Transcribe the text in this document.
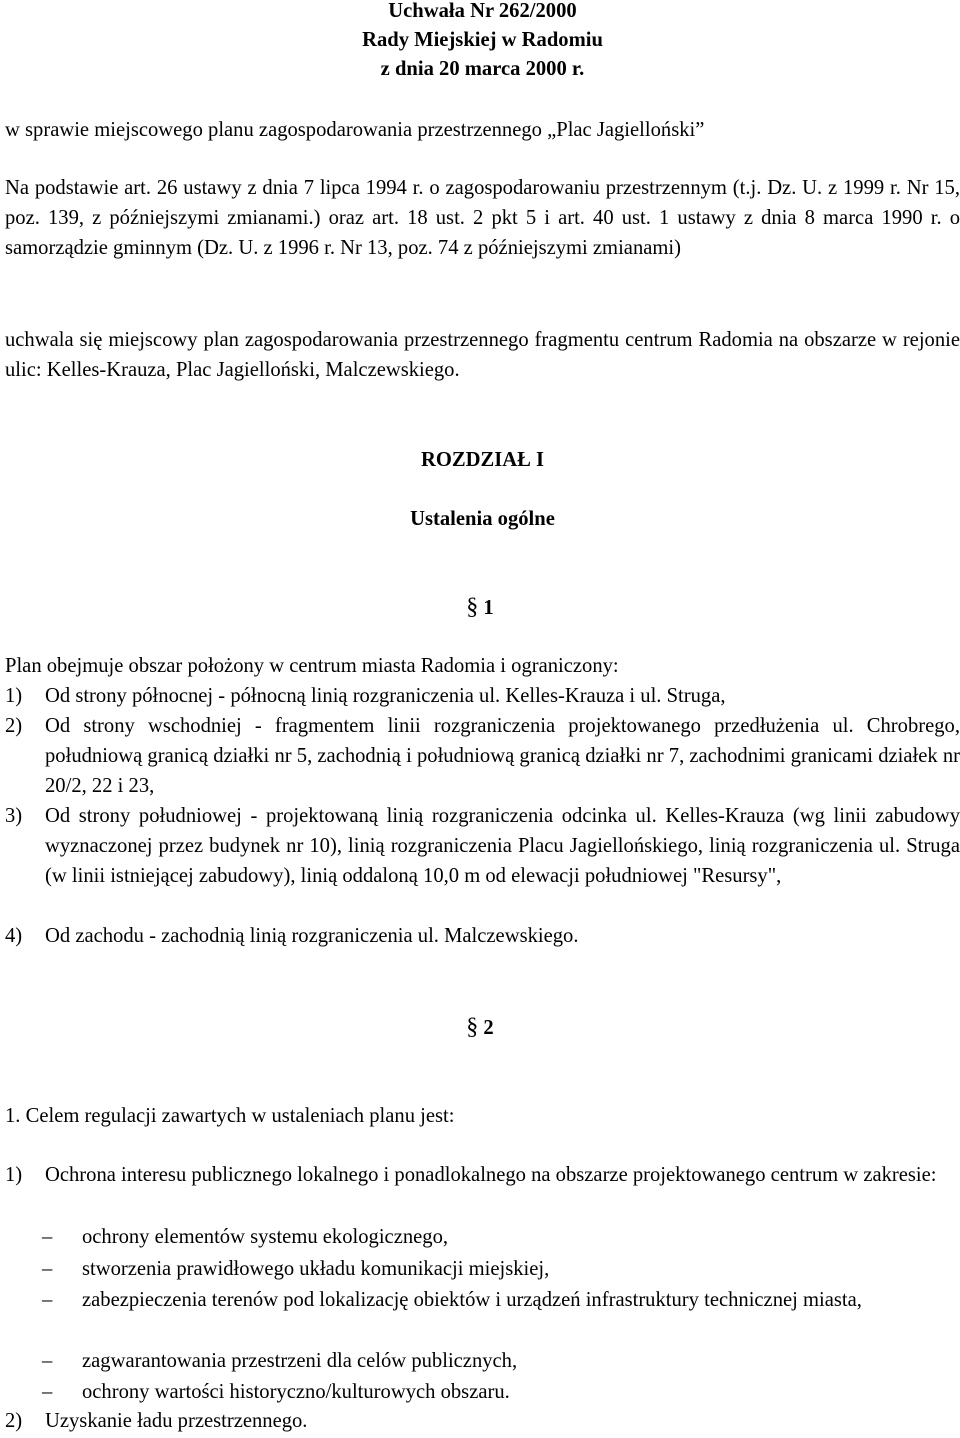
Uchwała Nr 262/2000

Rady Miejskiej w Radomiu

z dnia 20 marca 2000 r.

w sprawie miejscowego planu zagospodarowania przestrzennego „Plac Jagielloński”

Na podstawie art. 26 ustawy z dnia 7 lipca 1994 r. o zagospodarowaniu przestrzennym (t.j. Dz. U. z 1999 r. Nr 15, poz. 139, z późniejszymi zmianami.) oraz art. 18 ust. 2 pkt 5 i art. 40 ust. 1 ustawy z dnia 8 marca 1990 r. o samorządzie gminnym (Dz. U. z 1996 r. Nr 13, poz. 74 z późniejszymi zmianami)

uchwala się miejscowy plan zagospodarowania przestrzennego fragmentu centrum Radomia na obszarze w rejonie ulic: Kelles-Krauza, Plac Jagielloński, Malczewskiego.

ROZDZIAŁ I

Ustalenia ogólne

§ 1

Plan obejmuje obszar położony w centrum miasta Radomia i ograniczony:

1) Od strony północnej - północną linią rozgraniczenia ul. Kelles-Krauza i ul. Struga,
2) Od strony wschodniej - fragmentem linii rozgraniczenia projektowanego przedłużenia ul. Chrobrego, południową granicą działki nr 5, zachodnią i południową granicą działki nr 7, zachodnimi granicami działek nr 20/2, 22 i 23,
3) Od strony południowej - projektowaną linią rozgraniczenia odcinka ul. Kelles-Krauza (wg linii zabudowy wyznaczonej przez budynek nr 10), linią rozgraniczenia Placu Jagiellońskiego, linią rozgraniczenia ul. Struga (w linii istniejącej zabudowy), linią oddaloną 10,0 m od elewacji południowej "Resursy",
4) Od zachodu - zachodnią linią rozgraniczenia ul. Malczewskiego.
§ 2

1. Celem regulacji zawartych w ustaleniach planu jest:

1) Ochrona interesu publicznego lokalnego i ponadlokalnego na obszarze projektowanego centrum w zakresie:
– ochrony elementów systemu ekologicznego,
– stworzenia prawidłowego układu komunikacji miejskiej,
– zabezpieczenia terenów pod lokalizację obiektów i urządzeń infrastruktury technicznej miasta,
– zagwarantowania przestrzeni dla celów publicznych,
– ochrony wartości historyczno/kulturowych obszaru.
2) Uzyskanie ładu przestrzennego.
